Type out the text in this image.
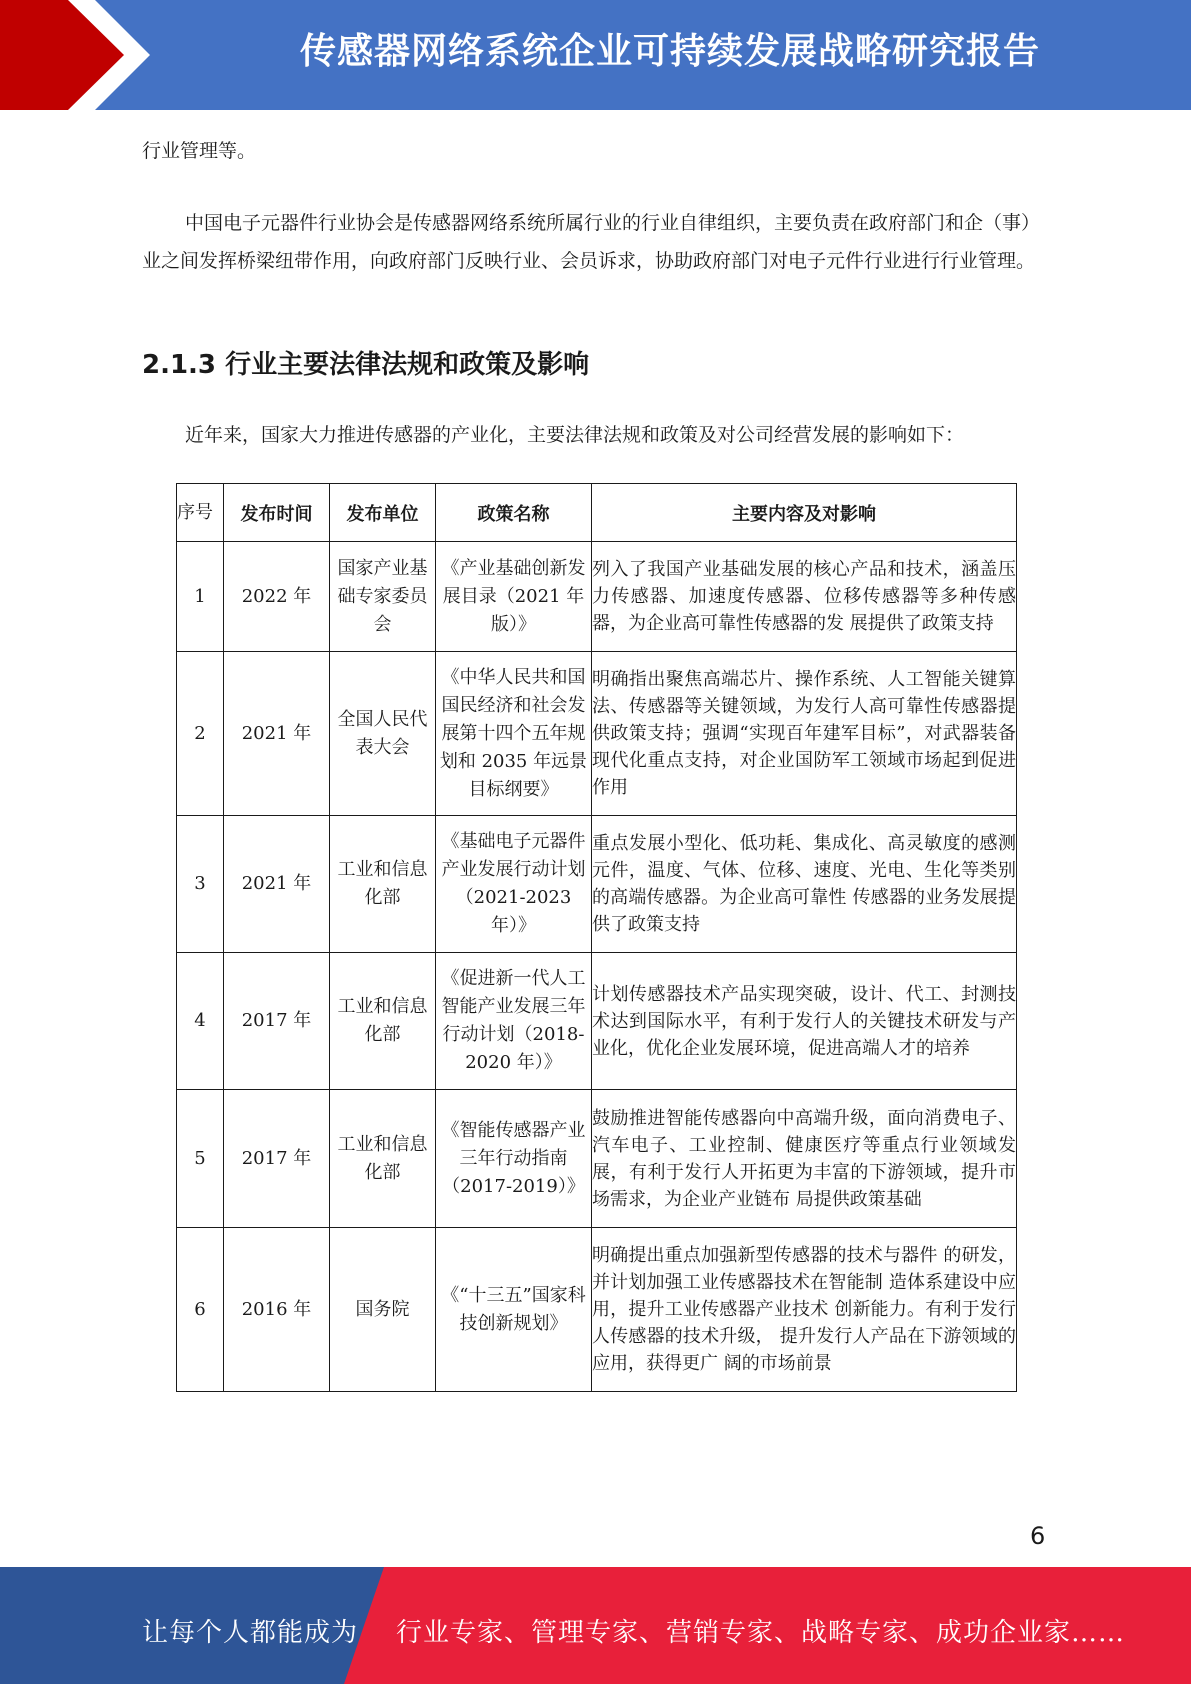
传感器网络系统企业可持续发展战略研究报告

行业管理等。

中国电子元器件行业协会是传感器网络系统所属行业的行业自律组织，主要负责在政府部门和企（事）业之间发挥桥梁纽带作用，向政府部门反映行业、会员诉求，协助政府部门对电子元件行业进行行业管理。

2.1.3 行业主要法律法规和政策及影响

近年来，国家大力推进传感器的产业化，主要法律法规和政策及对公司经营发展的影响如下：

序号	发布时间	发布单位	政策名称	主要内容及对影响
1	2022 年	国家产业基础专家委员会	《产业基础创新发展目录（2021 年版）》	列入了我国产业基础发展的核心产品和技术，涵盖压力传感器、加速度传感器、位移传感器等多种传感器，为企业高可靠性传感器的发 展提供了政策支持
2	2021 年	全国人民代表大会	《中华人民共和国国民经济和社会发展第十四个五年规划和 2035 年远景目标纲要》	明确指出聚焦高端芯片、操作系统、人工智能关键算法、传感器等关键领域，为发行人高可靠性传感器提供政策支持；强调“实现百年建军目标”，对武器装备现代化重点支持，对企业国防军工领域市场起到促进作用
3	2021 年	工业和信息化部	《基础电子元器件产业发展行动计划（2021-2023 年）》	重点发展小型化、低功耗、集成化、高灵敏度的感测元件，温度、气体、位移、速度、光电、生化等类别的高端传感器。为企业高可靠性 传感器的业务发展提供了政策支持
4	2017 年	工业和信息化部	《促进新一代人工智能产业发展三年行动计划（2018-2020 年）》	计划传感器技术产品实现突破，设计、代工、封测技术达到国际水平，有利于发行人的关键技术研发与产业化，优化企业发展环境，促进高端人才的培养
5	2017 年	工业和信息化部	《智能传感器产业三年行动指南（2017-2019）》	鼓励推进智能传感器向中高端升级，面向消费电子、汽车电子、工业控制、健康医疗等重点行业领域发展，有利于发行人开拓更为丰富的下游领域，提升市场需求，为企业产业链布 局提供政策基础
6	2016 年	国务院	《“十三五”国家科技创新规划》	明确提出重点加强新型传感器的技术与器件 的研发，并计划加强工业传感器技术在智能制 造体系建设中应用，提升工业传感器产业技术 创新能力。有利于发行人传感器的技术升级， 提升发行人产品在下游领域的应用，获得更广 阔的市场前景
6
让每个人都能成为 行业专家、管理专家、营销专家、战略专家、成功企业家……
